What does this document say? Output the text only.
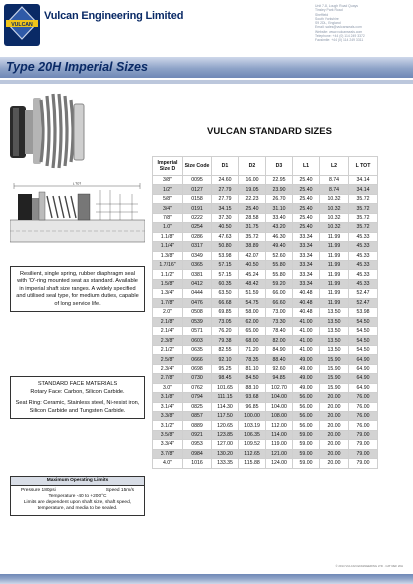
VULCAN
Vulcan Engineering Limited
Unit 7-8, Lough Road Quays
Tinsley Park Road
Sheffield
South Yorkshire
S9 2DL, England
Email: sales@vulcanseals.com
Website: www.vulcanseals.com
Telephone: +44 (0) 114 249 3372
Facsimile: +44 (0) 114 249 3311
Type 20H Imperial Sizes
L TOT
Resilient, single spring, rubber diaphragm seal with 'O'-ring mounted seat as standard. Available in imperial shaft size ranges. A widely specified and utilised seal type, for medium duties, capable of long service life.
STANDARD FACE MATERIALS
Rotary Face: Carbon, Silicon Carbide.
Seat Ring: Ceramic, Stainless steel, Ni-resist iron, Silicon Carbide and Tungsten Carbide.
Maximum Operating Limits
Pressure 180psi	Speed 15m/s
Temperature -40 to +200°C
Limits are dependent upon shaft size, shaft speed, temperature, and media to be sealed.
VULCAN STANDARD SIZES
Imperial Size D	Size Code	D1	D2	D3	L1	L2	L TOT
3/8"	0095	24.60	16.00	22.95	25.40	8.74	34.14
1/2"	0127	27.79	19.05	23.90	25.40	8.74	34.14
5/8"	0158	27.79	22.23	26.70	25.40	10.32	35.72
3/4"	0191	34.15	25.40	31.10	25.40	10.32	35.72
7/8"	0222	37.30	28.58	33.40	25.40	10.32	35.72
1.0"	0254	40.50	31.75	43.20	25.40	10.32	35.72
1.1/8"	0286	47.63	35.72	46.30	33.34	11.99	45.33
1.1/4"	0317	50.80	38.89	49.40	33.34	11.99	45.33
1.3/8"	0349	53.98	42.07	52.60	33.34	11.99	45.33
1.7/16"	0365	57.15	40.50	55.80	33.34	11.99	45.33
1.1/2"	0381	57.15	45.24	55.80	33.34	11.99	45.33
1.5/8"	0412	60.35	48.42	59.20	33.34	11.99	45.33
1.3/4"	0444	63.50	51.59	66.00	40.48	11.99	52.47
1.7/8"	0476	66.68	54.75	66.60	40.48	11.99	52.47
2.0"	0508	69.85	58.00	73.00	40.48	13.50	53.98
2.1/8"	0539	73.05	62.00	73.30	41.00	13.50	54.50
2.1/4"	0571	76.20	65.00	78.40	41.00	13.50	54.50
2.3/8"	0603	79.38	68.00	82.00	41.00	13.50	54.50
2.1/2"	0635	82.55	71.20	84.90	41.00	13.50	54.50
2.5/8"	0666	92.10	78.35	88.40	49.00	15.90	64.90
2.3/4"	0698	95.25	81.10	92.60	49.00	15.90	64.90
2.7/8"	0730	98.45	84.50	94.85	49.00	15.90	64.90
3.0"	0762	101.65	88.10	102.70	49.00	15.90	64.90
3.1/8"	0794	111.15	93.68	104.00	56.00	20.00	76.00
3.1/4"	0825	114.30	96.85	104.00	56.00	20.00	76.00
3.3/8"	0857	117.50	100.00	108.00	56.00	20.00	76.00
3.1/2"	0889	120.65	103.19	112.00	56.00	20.00	76.00
3.5/8"	0921	123.85	106.35	114.00	59.00	20.00	79.00
3.3/4"	0953	127.00	109.52	119.00	59.00	20.00	79.00
3.7/8"	0984	130.20	112.65	121.00	59.00	20.00	79.00
4.0"	1016	133.35	115.88	124.00	59.00	20.00	79.00
© 2014 VULCAN ENGINEERING LTD · CAT REF 20H
